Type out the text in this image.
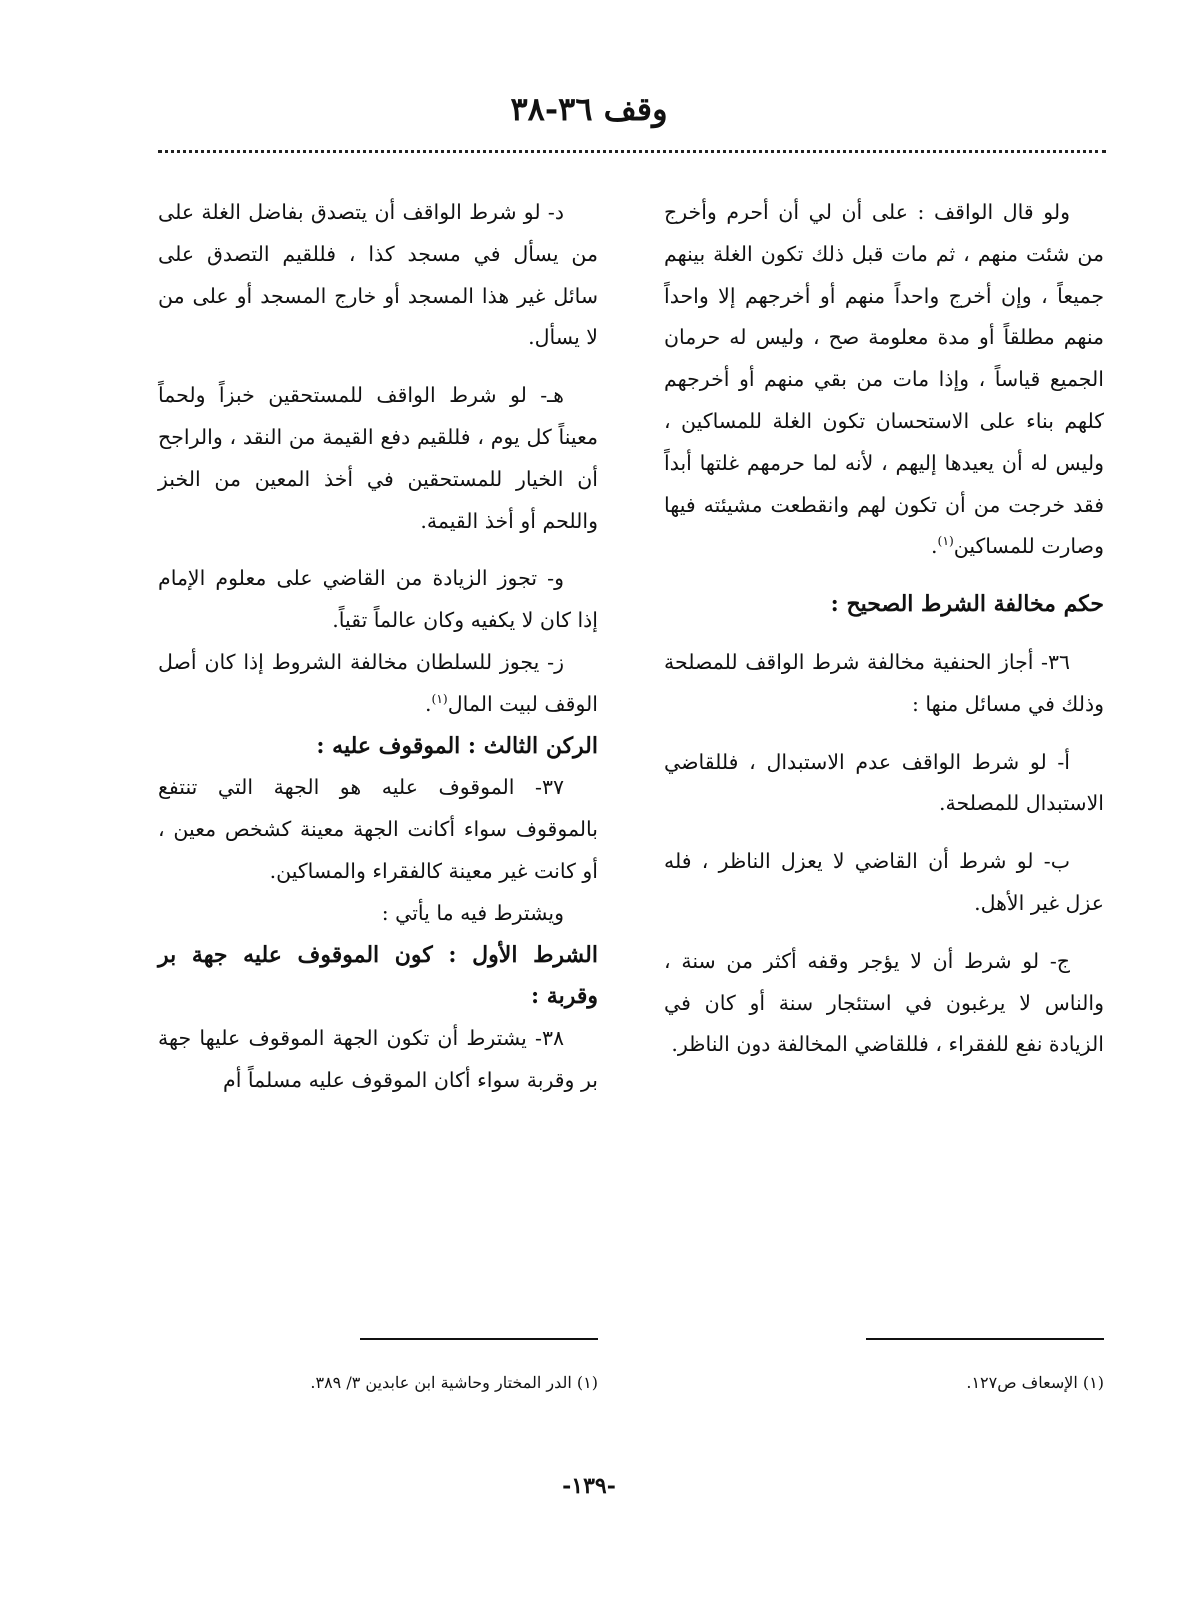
وقف ٣٦-٣٨

ولو قال الواقف : على أن لي أن أحرم وأخرج من شئت منهم ، ثم مات قبل ذلك تكون الغلة بينهم جميعاً ، وإن أخرج واحداً منهم أو أخرجهم إلا واحداً منهم مطلقاً أو مدة معلومة صح ، وليس له حرمان الجميع قياساً ، وإذا مات من بقي منهم أو أخرجهم كلهم بناء على الاستحسان تكون الغلة للمساكين ، وليس له أن يعيدها إليهم ، لأنه لما حرمهم غلتها أبداً فقد خرجت من أن تكون لهم وانقطعت مشيئته فيها وصارت للمساكين$^{(١)}$.

حكم مخالفة الشرط الصحيح :

٣٦- أجاز الحنفية مخالفة شرط الواقف للمصلحة وذلك في مسائل منها :

أ- لو شرط الواقف عدم الاستبدال ، فللقاضي الاستبدال للمصلحة.

ب- لو شرط أن القاضي لا يعزل الناظر ، فله عزل غير الأهل.

ج- لو شرط أن لا يؤجر وقفه أكثر من سنة ، والناس لا يرغبون في استئجار سنة أو كان في الزيادة نفع للفقراء ، فللقاضي المخالفة دون الناظر.

د- لو شرط الواقف أن يتصدق بفاضل الغلة على من يسأل في مسجد كذا ، فللقيم التصدق على سائل غير هذا المسجد أو خارج المسجد أو على من لا يسأل.

هـ- لو شرط الواقف للمستحقين خبزاً ولحماً معيناً كل يوم ، فللقيم دفع القيمة من النقد ، والراجح أن الخيار للمستحقين في أخذ المعين من الخبز واللحم أو أخذ القيمة.

و- تجوز الزيادة من القاضي على معلوم الإمام إذا كان لا يكفيه وكان عالماً تقياً.

ز- يجوز للسلطان مخالفة الشروط إذا كان أصل الوقف لبيت المال$^{(١)}$.

الركن الثالث : الموقوف عليه :

٣٧- الموقوف عليه هو الجهة التي تنتفع بالموقوف سواء أكانت الجهة معينة كشخص معين ، أو كانت غير معينة كالفقراء والمساكين.

ويشترط فيه ما يأتي :

الشرط الأول : كون الموقوف عليه جهة بر وقربة :

٣٨- يشترط أن تكون الجهة الموقوف عليها جهة بر وقربة سواء أكان الموقوف عليه مسلماً أم

(١) الإسعاف ص١٢٧.
(١) الدر المختار وحاشية ابن عابدين ٣/ ٣٨٩.
-١٣٩-
